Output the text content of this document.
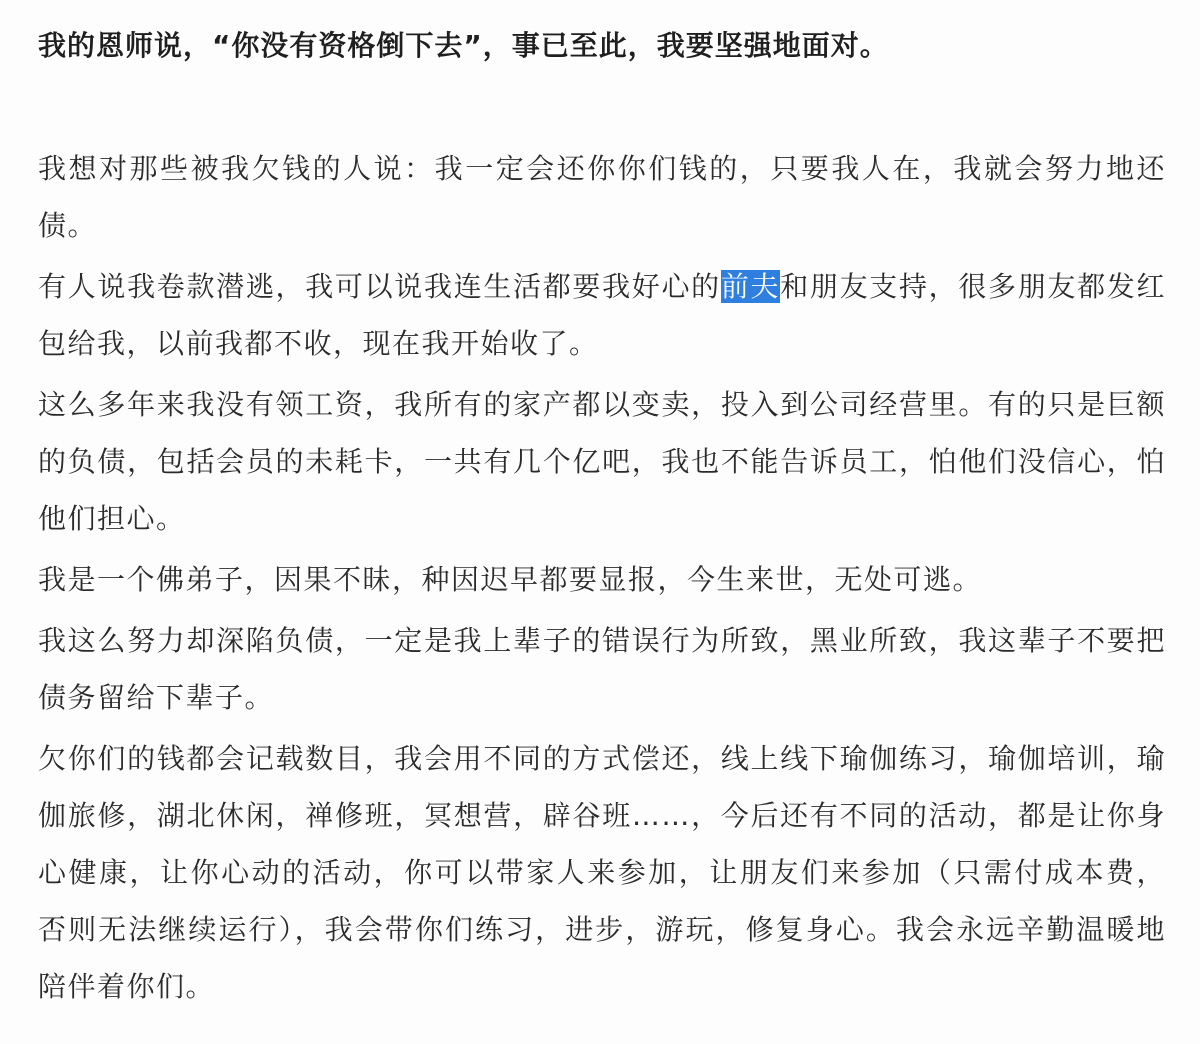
我的恩师说，“你没有资格倒下去”，事已至此，我要坚强地面对。

我想对那些被我欠钱的人说：我一定会还你你们钱的，只要我人在，我就会努力地还债。

有人说我卷款潜逃，我可以说我连生活都要我好心的前夫和朋友支持，很多朋友都发红包给我，以前我都不收，现在我开始收了。

这么多年来我没有领工资，我所有的家产都以变卖，投入到公司经营里。有的只是巨额的负债，包括会员的未耗卡，一共有几个亿吧，我也不能告诉员工，怕他们没信心，怕他们担心。

我是一个佛弟子，因果不昧，种因迟早都要显报，今生来世，无处可逃。

我这么努力却深陷负债，一定是我上辈子的错误行为所致，黑业所致，我这辈子不要把债务留给下辈子。

欠你们的钱都会记载数目，我会用不同的方式偿还，线上线下瑜伽练习，瑜伽培训，瑜伽旅修，湖北休闲，禅修班，冥想营，辟谷班……，今后还有不同的活动，都是让你身心健康，让你心动的活动，你可以带家人来参加，让朋友们来参加（只需付成本费， 否则无法继续运行），我会带你们练习，进步，游玩，修复身心。我会永远辛勤温暖地陪伴着你们。
